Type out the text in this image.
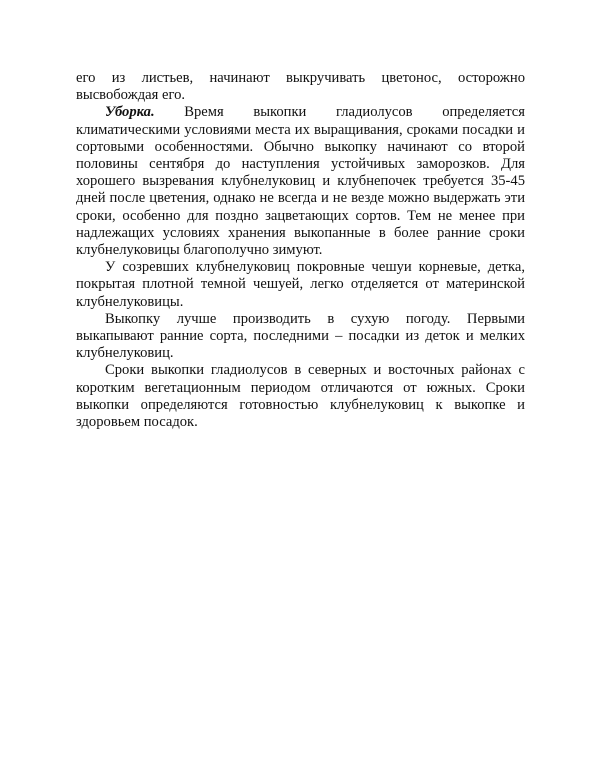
его из листьев, начинают выкручивать цветонос, осторожно высвобождая его.

Уборка. Время выкопки гладиолусов определяется климатическими условиями места их выращивания, сроками посадки и сортовыми особенностями. Обычно выкопку начинают со второй половины сентября до наступления устойчивых заморозков. Для хорошего вызревания клубнелуковиц и клубнепочек требуется 35-45 дней после цветения, однако не всегда и не везде можно выдержать эти сроки, особенно для поздно зацветающих сортов. Тем не менее при надлежащих условиях хранения выкопанные в более ранние сроки клубнелуковицы благополучно зимуют.

У созревших клубнелуковиц покровные чешуи корневые, детка, покрытая плотной темной чешуей, легко отделяется от материнской клубнелуковицы.

Выкопку лучше производить в сухую погоду. Первыми выкапывают ранние сорта, последними – посадки из деток и мелких клубнелуковиц.

Сроки выкопки гладиолусов в северных и восточных районах с коротким вегетационным периодом отличаются от южных. Сроки выкопки определяются готовностью клубнелуковиц к выкопке и здоровьем посадок.
